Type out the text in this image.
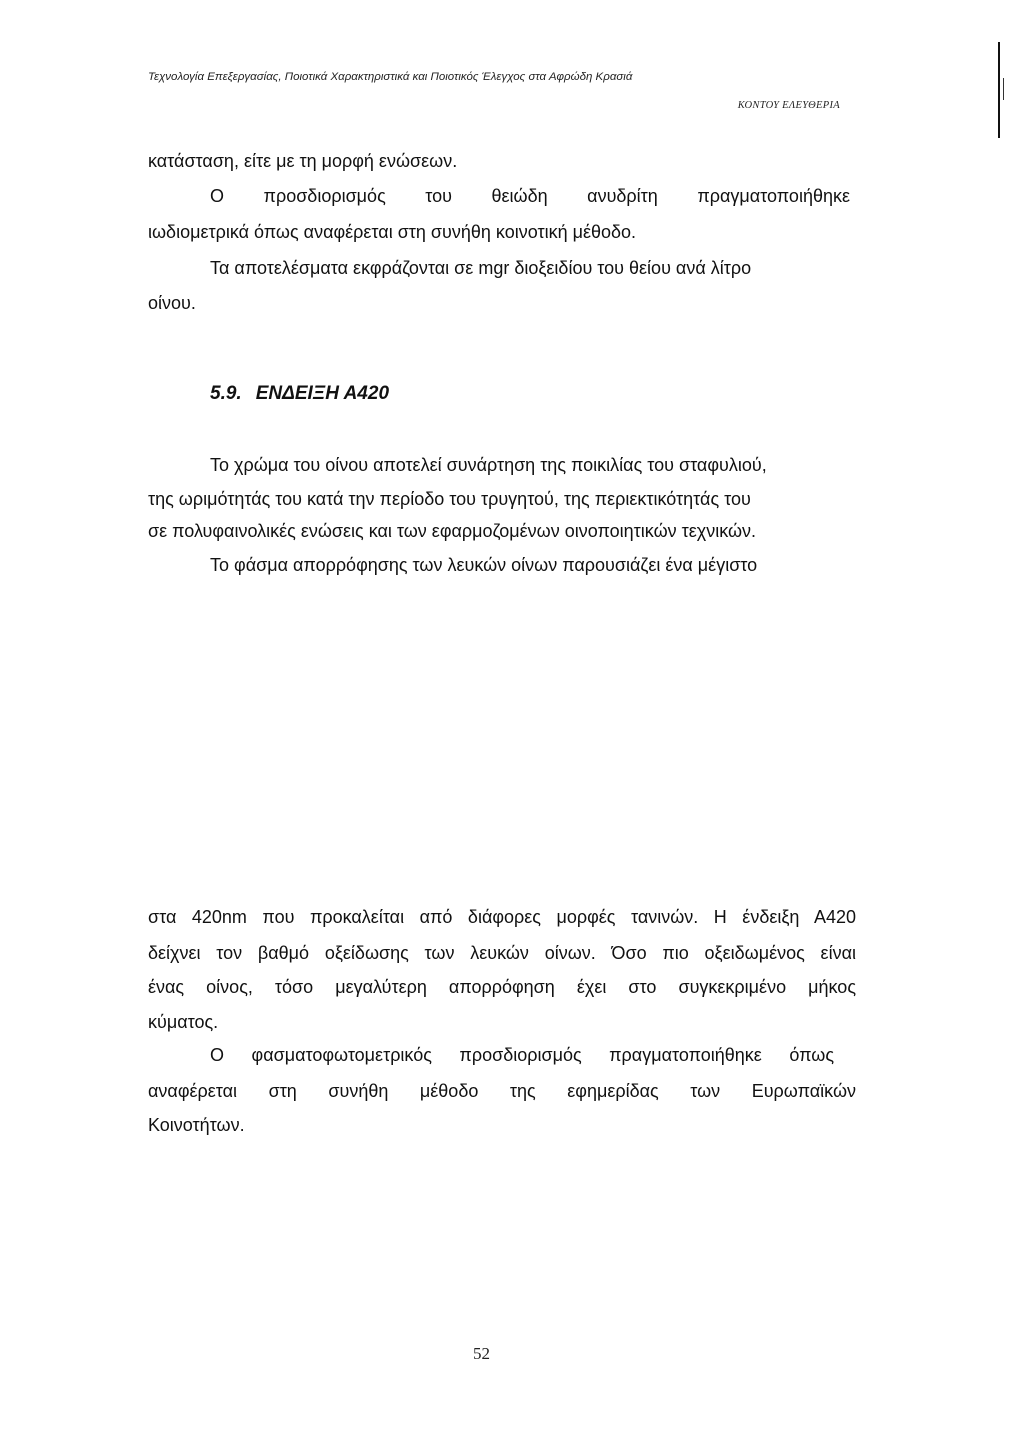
Τεχνολογία Επεξεργασίας, Ποιοτικά Χαρακτηριστικά και Ποιοτικός Έλεγχος στα Αφρώδη Κρασιά
ΚΟΝΤΟΥ ΕΛΕΥΘΕΡΙΑ
κατάσταση, είτε με τη μορφή ενώσεων.
Ο προσδιορισμός του θειώδη ανυδρίτη πραγματοποιήθηκε
ιωδιομετρικά όπως αναφέρεται στη συνήθη κοινοτική μέθοδο.
Τα αποτελέσματα εκφράζονται σε mgr διοξειδίου του θείου ανά λίτρο
οίνου.
5.9. ΕΝΔΕΙΞΗ Α420
Το χρώμα του οίνου αποτελεί συνάρτηση της ποικιλίας του σταφυλιού,
της ωριμότητάς του κατά την περίοδο του τρυγητού, της περιεκτικότητάς του
σε πολυφαινολικές ενώσεις και των εφαρμοζομένων οινοποιητικών τεχνικών.
Το φάσμα απορρόφησης των λευκών οίνων παρουσιάζει ένα μέγιστο
στα 420nm που προκαλείται από διάφορες μορφές τανινών. Η ένδειξη Α420
δείχνει τον βαθμό οξείδωσης των λευκών οίνων. Όσο πιο οξειδωμένος είναι
ένας οίνος, τόσο μεγαλύτερη απορρόφηση έχει στο συγκεκριμένο μήκος
κύματος.
Ο φασματοφωτομετρικός προσδιορισμός πραγματοποιήθηκε όπως
αναφέρεται στη συνήθη μέθοδο της εφημερίδας των Ευρωπαϊκών
Κοινοτήτων.
52
